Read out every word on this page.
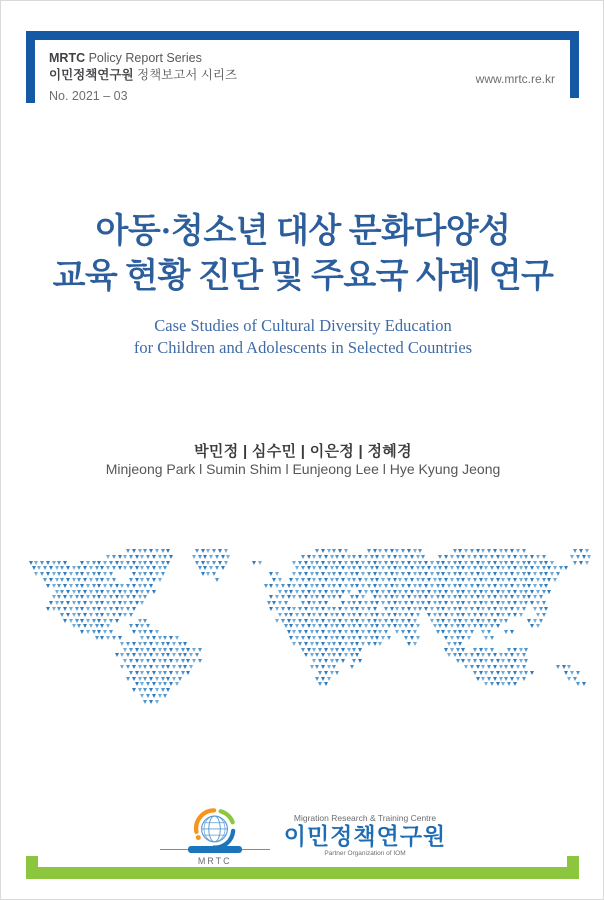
MRTC Policy Report Series
이민정책연구원 정책보고서 시리즈
No. 2021 – 03
www.mrtc.re.kr
아동·청소년 대상 문화다양성
교육 현황 진단 및 주요국 사례 연구
Case Studies of Cultural Diversity Education
for Children and Adolescents in Selected Countries
박민정 | 심수민 | 이은정 | 정혜경
Minjeong Park l Sumin Shim l Eunjeong Lee l Hye Kyung Jeong
MRTC
Migration Research & Training Centre
이민정책연구원
Partner Organization of IOM
